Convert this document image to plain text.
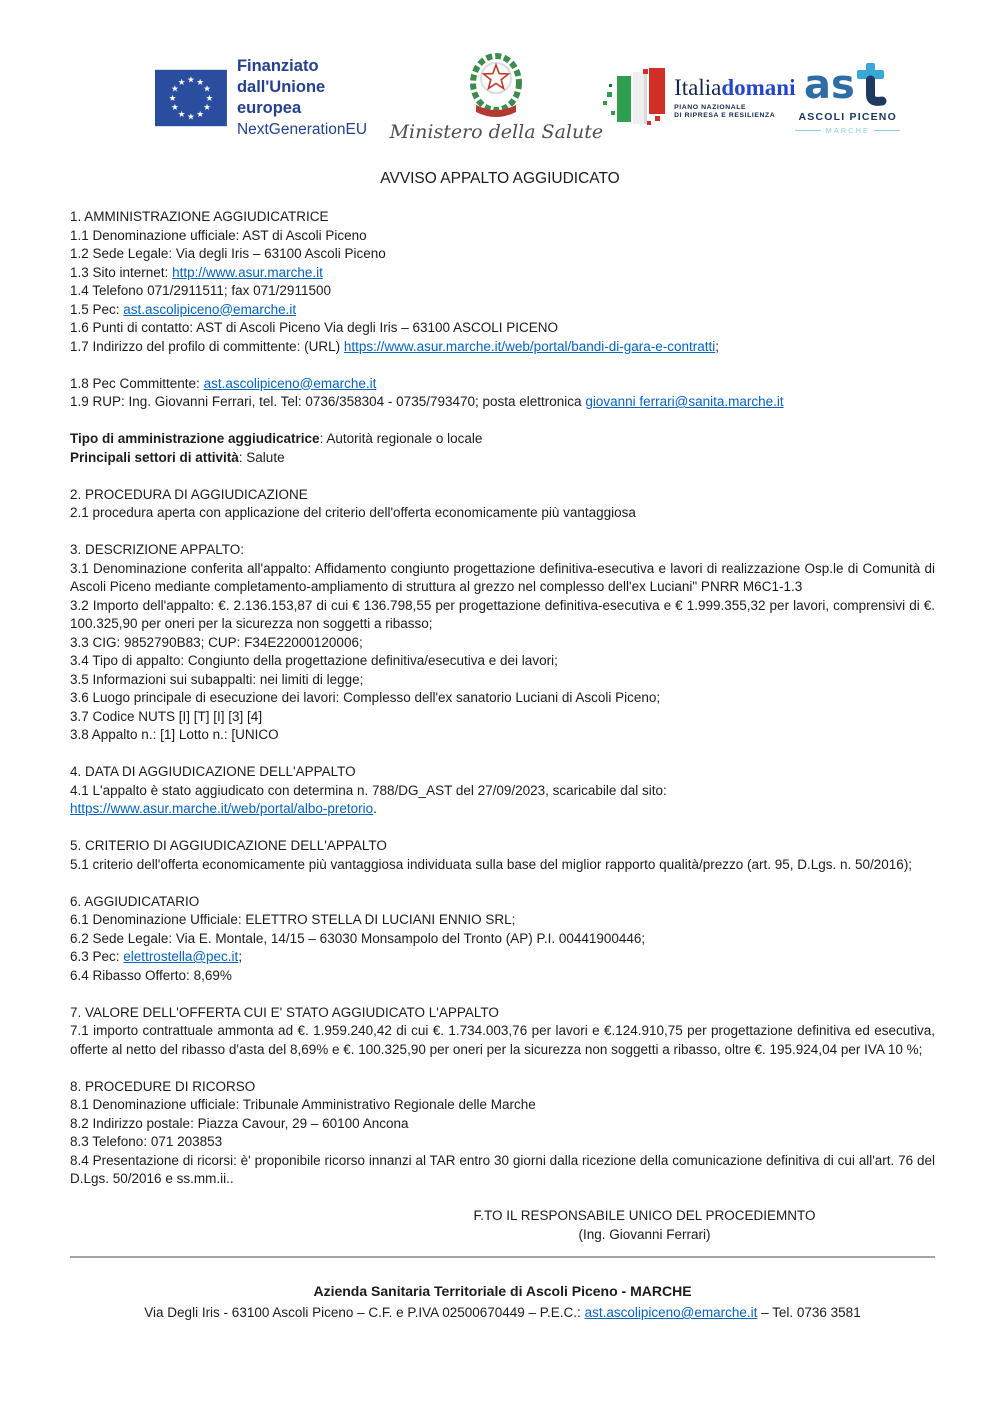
★ ★
★
★
★
★
★
★
★
★
★
★
Finanziato
dall'Unione europea
NextGenerationEU	Ministero della Salute
Italiadomani
PIANO NAZIONALE
DI RIPRESA E RESILIENZA
as
ASCOLI PICENO
MARCHE
AVVISO APPALTO AGGIUDICATO

1. AMMINISTRAZIONE AGGIUDICATRICE

1.1 Denominazione ufficiale: AST di Ascoli Piceno

1.2 Sede Legale: Via degli Iris – 63100 Ascoli Piceno

1.3 Sito internet: http://www.asur.marche.it

1.4 Telefono 071/2911511; fax 071/2911500

1.5 Pec: ast.ascolipiceno@emarche.it

1.6 Punti di contatto: AST di Ascoli Piceno Via degli Iris – 63100 ASCOLI PICENO

1.7 Indirizzo del profilo di committente: (URL) https://www.asur.marche.it/web/portal/bandi-di-gara-e-contratti;

1.8 Pec Committente: ast.ascolipiceno@emarche.it

1.9 RUP: Ing. Giovanni Ferrari, tel. Tel: 0736/358304 - 0735/793470; posta elettronica giovanni ferrari@sanita.marche.it

Tipo di amministrazione aggiudicatrice: Autorità regionale o locale

Principali settori di attività: Salute

2. PROCEDURA DI AGGIUDICAZIONE

2.1 procedura aperta con applicazione del criterio dell'offerta economicamente più vantaggiosa

3. DESCRIZIONE APPALTO:

3.1 Denominazione conferita all'appalto: Affidamento congiunto progettazione definitiva-esecutiva e lavori di realizzazione Osp.le di Comunità di Ascoli Piceno mediante completamento-ampliamento di struttura al grezzo nel complesso dell'ex Luciani" PNRR M6C1-1.3

3.2 Importo dell'appalto: €. 2.136.153,87 di cui € 136.798,55 per progettazione definitiva-esecutiva e € 1.999.355,32 per lavori, comprensivi di €. 100.325,90 per oneri per la sicurezza non soggetti a ribasso;

3.3 CIG: 9852790B83; CUP: F34E22000120006;

3.4 Tipo di appalto: Congiunto della progettazione definitiva/esecutiva e dei lavori;

3.5 Informazioni sui subappalti: nei limiti di legge;

3.6 Luogo principale di esecuzione dei lavori: Complesso dell'ex sanatorio Luciani di Ascoli Piceno;

3.7 Codice NUTS [I] [T] [I] [3] [4]

3.8 Appalto n.: [1] Lotto n.: [UNICO

4. DATA DI AGGIUDICAZIONE DELL'APPALTO

4.1 L'appalto è stato aggiudicato con determina n. 788/DG_AST del 27/09/2023, scaricabile dal sito:

https://www.asur.marche.it/web/portal/albo-pretorio.

5. CRITERIO DI AGGIUDICAZIONE DELL'APPALTO

5.1 criterio dell'offerta economicamente più vantaggiosa individuata sulla base del miglior rapporto qualità/prezzo (art. 95, D.Lgs. n. 50/2016);

6. AGGIUDICATARIO

6.1 Denominazione Ufficiale: ELETTRO STELLA DI LUCIANI ENNIO SRL;

6.2 Sede Legale: Via E. Montale, 14/15 – 63030 Monsampolo del Tronto (AP) P.I. 00441900446;

6.3 Pec: elettrostella@pec.it;

6.4 Ribasso Offerto: 8,69%

7. VALORE DELL'OFFERTA CUI E' STATO AGGIUDICATO L'APPALTO

7.1 importo contrattuale ammonta ad €. 1.959.240,42 di cui €. 1.734.003,76 per lavori e €.124.910,75 per progettazione definitiva ed esecutiva, offerte al netto del ribasso d'asta del 8,69% e €. 100.325,90 per oneri per la sicurezza non soggetti a ribasso, oltre €. 195.924,04 per IVA 10 %;

8. PROCEDURE DI RICORSO

8.1 Denominazione ufficiale: Tribunale Amministrativo Regionale delle Marche

8.2 Indirizzo postale: Piazza Cavour, 29 – 60100 Ancona

8.3 Telefono: 071 203853

8.4 Presentazione di ricorsi: è' proponibile ricorso innanzi al TAR entro 30 giorni dalla ricezione della comunicazione definitiva di cui all'art. 76 del D.Lgs. 50/2016 e ss.mm.ii..

F.TO IL RESPONSABILE UNICO DEL PROCEDIEMNTO

(Ing. Giovanni Ferrari)

Azienda Sanitaria Territoriale di Ascoli Piceno - MARCHE
Via Degli Iris - 63100 Ascoli Piceno – C.F. e P.IVA 02500670449 – P.E.C.: ast.ascolipiceno@emarche.it – Tel. 0736 3581
